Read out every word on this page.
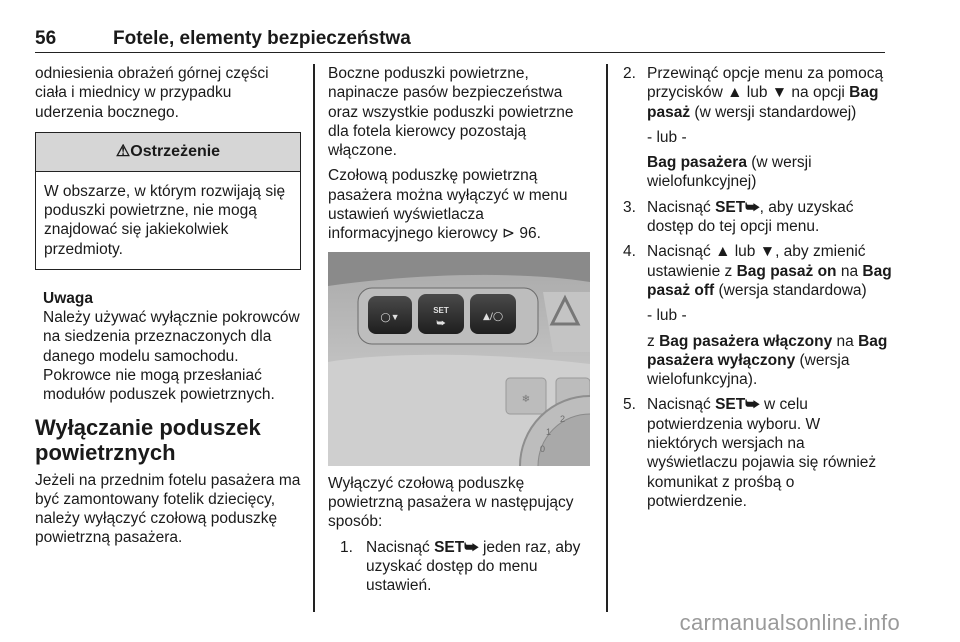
56	Fotele, elementy bezpieczeństwa

odniesienia obrażeń górnej części ciała i miednicy w przypadku uderzenia bocznego.

⚠Ostrzeżenie
W obszarze, w którym rozwijają się poduszki powietrzne, nie mogą znajdować się jakiekolwiek przedmioty.
Uwaga
Należy używać wyłącznie pokrowców na siedzenia przeznaczonych dla danego modelu samochodu. Pokrowce nie mogą przesłaniać modułów poduszek powietrznych.
Wyłączanie poduszek powietrznych

Jeżeli na przednim fotelu pasażera ma być zamontowany fotelik dziecięcy, należy wyłączyć czołową poduszkę powietrzną pasażera.

Boczne poduszki powietrzne, napinacze pasów bezpieczeństwa oraz wszystkie poduszki powietrzne dla fotela kierowcy pozostają włączone.

Czołową poduszkę powietrzną pasażera można wyłączyć w menu ustawień wyświetlacza informacyjnego kierowcy ⊳ 96.

◯▼
SET
⮩
▲/◯
❄
0
1
2

Wyłączyć czołową poduszkę powietrzną pasażera w następujący sposób:

1. Nacisnąć SET⮩ jeden raz, aby uzyskać dostęp do menu ustawień.
2. Przewinąć opcje menu za pomocą przycisków ▲ lub ▼ na opcji Bag pasaż (w wersji standardowej)

- lub -

Bag pasażera (w wersji wielofunkcyjnej)

3. Nacisnąć SET⮩, aby uzyskać dostęp do tej opcji menu.
4. Nacisnąć ▲ lub ▼, aby zmienić ustawienie z Bag pasaż on na Bag pasaż off (wersja standardowa)

- lub -

z Bag pasażera włączony na Bag pasażera wyłączony (wersja wielofunkcyjna).

5. Nacisnąć SET⮩ w celu potwierdzenia wyboru. W niektórych wersjach na wyświetlaczu pojawia się również komunikat z prośbą o potwierdzenie.
carmanualsonline.info
